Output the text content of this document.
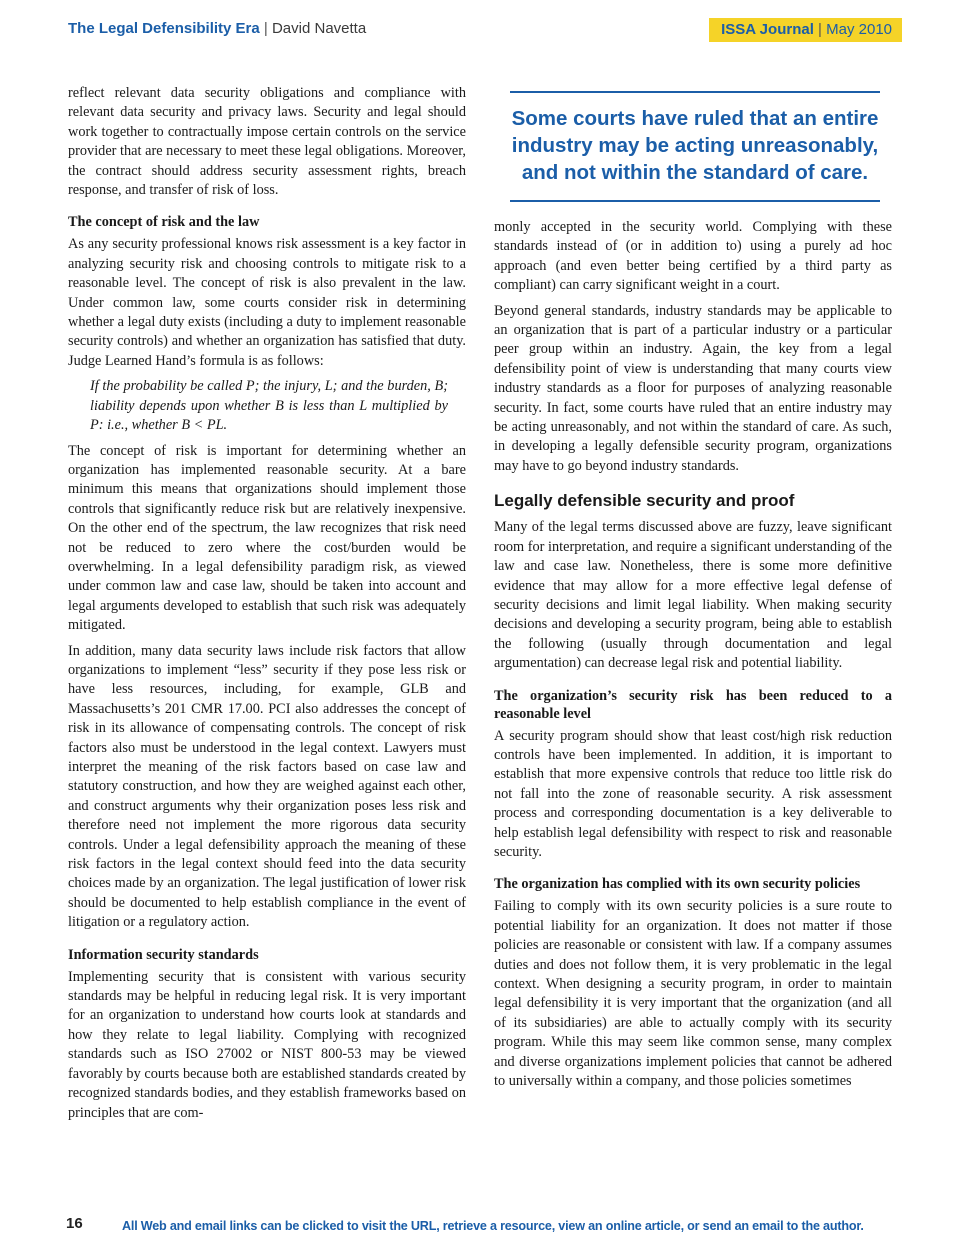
The Legal Defensibility Era | David Navetta	ISSA Journal | May 2010

reflect relevant data security obligations and compliance with relevant data security and privacy laws. Security and legal should work together to contractually impose certain controls on the service provider that are necessary to meet these legal obligations. Moreover, the contract should address security assessment rights, breach response, and transfer of risk of loss.

The concept of risk and the law

As any security professional knows risk assessment is a key factor in analyzing security risk and choosing controls to mitigate risk to a reasonable level. The concept of risk is also prevalent in the law. Under common law, some courts consider risk in determining whether a legal duty exists (including a duty to implement reasonable security controls) and whether an organization has satisfied that duty. Judge Learned Hand’s formula is as follows:

If the probability be called P; the injury, L; and the burden, B; liability depends upon whether B is less than L multiplied by P: i.e., whether B < PL.

The concept of risk is important for determining whether an organization has implemented reasonable security. At a bare minimum this means that organizations should implement those controls that significantly reduce risk but are relatively inexpensive. On the other end of the spectrum, the law recognizes that risk need not be reduced to zero where the cost/burden would be overwhelming. In a legal defensibility paradigm risk, as viewed under common law and case law, should be taken into account and legal arguments developed to establish that such risk was adequately mitigated.

In addition, many data security laws include risk factors that allow organizations to implement “less” security if they pose less risk or have less resources, including, for example, GLB and Massachusetts’s 201 CMR 17.00. PCI also addresses the concept of risk in its allowance of compensating controls. The concept of risk factors also must be understood in the legal context. Lawyers must interpret the meaning of the risk factors based on case law and statutory construction, and how they are weighed against each other, and construct arguments why their organization poses less risk and therefore need not implement the more rigorous data security controls. Under a legal defensibility approach the meaning of these risk factors in the legal context should feed into the data security choices made by an organization. The legal justification of lower risk should be documented to help establish compliance in the event of litigation or a regulatory action.

Information security standards

Implementing security that is consistent with various security standards may be helpful in reducing legal risk. It is very important for an organization to understand how courts look at standards and how they relate to legal liability. Complying with recognized standards such as ISO 27002 or NIST 800-53 may be viewed favorably by courts because both are established standards created by recognized standards bodies, and they establish frameworks based on principles that are com-

Some courts have ruled that an entire industry may be acting unreasonably, and not within the standard of care.

monly accepted in the security world. Complying with these standards instead of (or in addition to) using a purely ad hoc approach (and even better being certified by a third party as compliant) can carry significant weight in a court.

Beyond general standards, industry standards may be applicable to an organization that is part of a particular industry or a particular peer group within an industry. Again, the key from a legal defensibility point of view is understanding that many courts view industry standards as a floor for purposes of analyzing reasonable security. In fact, some courts have ruled that an entire industry may be acting unreasonably, and not within the standard of care. As such, in developing a legally defensible security program, organizations may have to go beyond industry standards.

Legally defensible security and proof

Many of the legal terms discussed above are fuzzy, leave significant room for interpretation, and require a significant understanding of the law and case law. Nonetheless, there is some more definitive evidence that may allow for a more effective legal defense of security decisions and limit legal liability. When making security decisions and developing a security program, being able to establish the following (usually through documentation and legal argumentation) can decrease legal risk and potential liability.

The organization’s security risk has been reduced to a reasonable level

A security program should show that least cost/high risk reduction controls have been implemented. In addition, it is important to establish that more expensive controls that reduce too little risk do not fall into the zone of reasonable security. A risk assessment process and corresponding documentation is a key deliverable to help establish legal defensibility with respect to risk and reasonable security.

The organization has complied with its own security policies

Failing to comply with its own security policies is a sure route to potential liability for an organization. It does not matter if those policies are reasonable or consistent with law. If a company assumes duties and does not follow them, it is very problematic in the legal context. When designing a security program, in order to maintain legal defensibility it is very important that the organization (and all of its subsidiaries) are able to actually comply with its security program. While this may seem like common sense, many complex and diverse organizations implement policies that cannot be adhered to universally within a company, and those policies sometimes

16	All Web and email links can be clicked to visit the URL, retrieve a resource, view an online article, or send an email to the author.
